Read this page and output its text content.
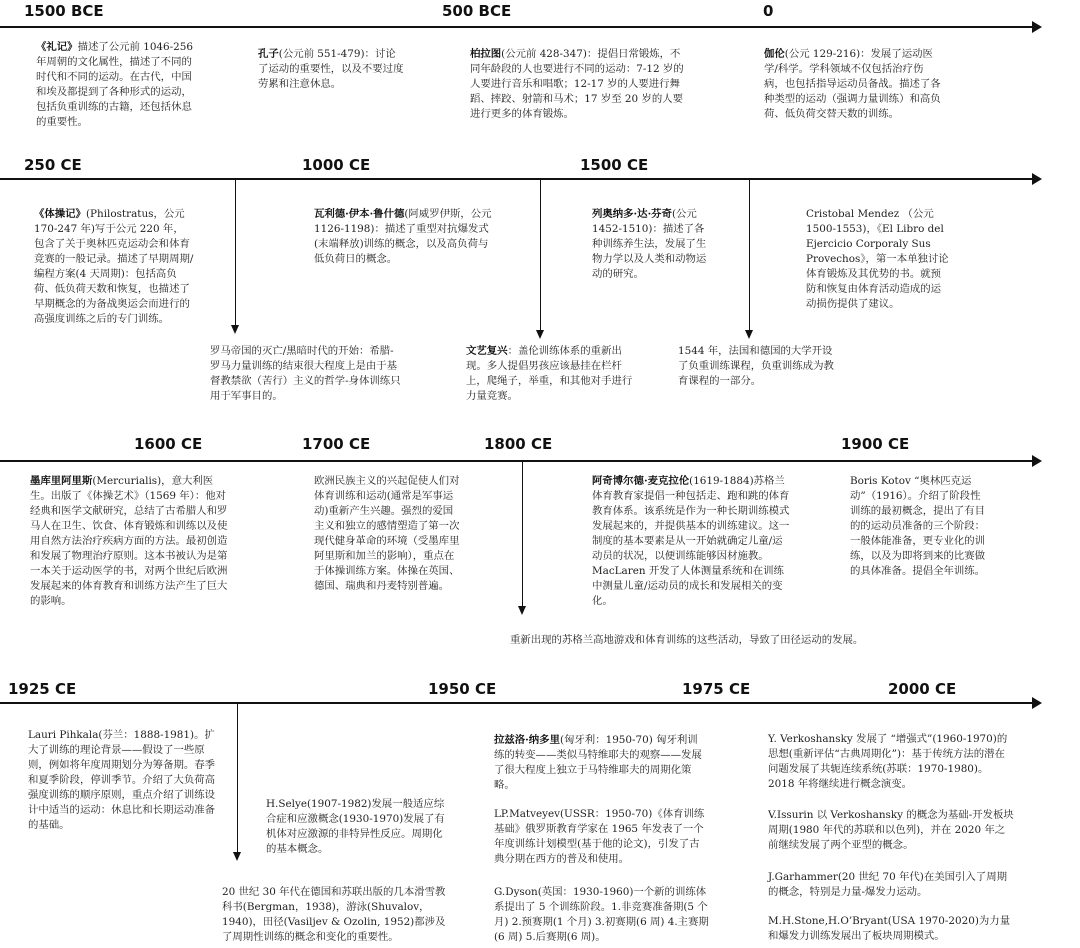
1500 BCE	500 BCE	0
《礼记》描述了公元前 1046-256 年周朝的文化属性，描述了不同的时代和不同的运动。在古代，中国和埃及都提到了各种形式的运动，包括负重训练的古籍，还包括休息的重要性。
孔子(公元前 551-479)：讨论了运动的重要性，以及不要过度劳累和注意休息。
柏拉图(公元前 428-347)：提倡日常锻炼，不同年龄段的人也要进行不同的运动：7-12 岁的人要进行音乐和唱歌；12-17 岁的人要进行舞蹈、摔跤、射箭和马术；17 岁至 20 岁的人要进行更多的体育锻炼。
伽伦(公元 129-216)：发展了运动医学/科学。学科领域不仅包括治疗伤病，也包括指导运动员备战。描述了各种类型的运动（强调力量训练）和高负荷、低负荷交替天数的训练。
250 CE	1000 CE	1500 CE
《体操记》(Philostratus，公元 170-247 年)写于公元 220 年，包含了关于奥林匹克运动会和体育竞赛的一般记录。描述了早期周期/编程方案(4 天周期)：包括高负荷、低负荷天数和恢复，也描述了早期概念的为备战奥运会而进行的高强度训练之后的专门训练。
罗马帝国的灭亡/黑暗时代的开始：希腊-罗马力量训练的结束很大程度上是由于基督教禁欲（苦行）主义的哲学-身体训练只用于军事目的。
瓦利德·伊本·鲁什德(阿威罗伊斯，公元 1126-1198)：描述了重型对抗爆发式(末端释放)训练的概念，以及高负荷与低负荷日的概念。
文艺复兴：盖伦训练体系的重新出现。多人提倡男孩应该悬挂在栏杆上，爬绳子，举重，和其他对手进行力量竞赛。
列奥纳多·达·芬奇(公元 1452-1510)：描述了各种训练养生法，发展了生物力学以及人类和动物运动的研究。
1544 年，法国和德国的大学开设了负重训练课程，负重训练成为教育课程的一部分。
Cristobal Mendez （公元 1500-1553)，《El Libro del Ejercicio Corporaly Sus Provechos》，第一本单独讨论体育锻炼及其优势的书。就预防和恢复由体育活动造成的运动损伤提供了建议。
1600 CE	1700 CE	1800 CE	1900 CE
墨库里阿里斯(Mercurialis)，意大利医生。出版了《体操艺术》（1569 年）：他对经典和医学文献研究，总结了古希腊人和罗马人在卫生、饮食、体育锻炼和训练以及使用自然方法治疗疾病方面的方法。最初创造和发展了物理治疗原则。这本书被认为是第一本关于运动医学的书，对两个世纪后欧洲发展起来的体育教育和训练方法产生了巨大的影响。
欧洲民族主义的兴起促使人们对体育训练和运动(通常是军事运动)重新产生兴趣。强烈的爱国主义和独立的感情塑造了第一次现代健身革命的环境（受墨库里阿里斯和加兰的影响），重点在于体操训练方案。体操在英国、德国、瑞典和丹麦特别普遍。
阿奇博尔德·麦克拉伦(1619-1884)苏格兰体育教育家提倡一种包括走、跑和跳的体育教育体系。该系统是作为一种长期训练模式发展起来的，并提供基本的训练建议。这一制度的基本要素是从一开始就确定儿童/运动员的状况，以便训练能够因材施教。MacLaren 开发了人体测量系统和在训练中测量儿童/运动员的成长和发展相关的变化。
Boris Kotov “奥林匹克运动”（1916）。介绍了阶段性训练的最初概念，提出了有目的的运动员准备的三个阶段：一般体能准备，更专业化的训练，以及为即将到来的比赛做的具体准备。提倡全年训练。
重新出现的苏格兰高地游戏和体育训练的这些活动，导致了田径运动的发展。
1925 CE	1950 CE	1975 CE	2000 CE
Lauri Pihkala(芬兰：1888-1981)。扩大了训练的理论背景——假设了一些原则，例如将年度周期划分为筹备期。春季和夏季阶段，停训季节。介绍了大负荷高强度训练的顺序原则，重点介绍了训练设计中适当的运动：休息比和长期运动准备的基础。
20 世纪 30 年代在德国和苏联出版的几本滑雪教科书(Bergman，1938)，游泳(Shuvalov，1940)，田径(Vasiljev & Ozolin, 1952)都涉及了周期性训练的概念和变化的重要性。
H.Selye(1907-1982)发展一般适应综合症和应激概念(1930-1970)发展了有机体对应激源的非特异性反应。周期化的基本概念。
拉兹洛·纳多里(匈牙利：1950-70) 匈牙利训练的转变——类似马特维耶夫的观察——发展了很大程度上独立于马特维耶夫的周期化策略。
LP.Matveyev(USSR：1950-70)《体育训练基础》俄罗斯教育学家在 1965 年发表了一个年度训练计划模型(基于他的论文)，引发了古典分期在西方的普及和使用。
G.Dyson(英国：1930-1960)一个新的训练体系提出了 5 个训练阶段。1.非竞赛准备期(5 个月) 2.预赛期(1 个月) 3.初赛期(6 周) 4.主赛期(6 周) 5.后赛期(6 周)。
Y. Verkoshansky 发展了 “增强式”(1960-1970)的思想(重新评估“古典周期化”)：基于传统方法的潜在问题发展了共轭连续系统(苏联：1970-1980)。2018 年将继续进行概念演变。
V.Issurin 以 Verkoshansky 的概念为基础-开发板块周期(1980 年代的苏联和以色列)，并在 2020 年之前继续发展了两个亚型的概念。
J.Garhammer(20 世纪 70 年代)在美国引入了周期的概念，特别是力量-爆发力运动。
M.H.Stone,H.O’Bryant(USA 1970-2020)为力量和爆发力训练发展出了板块周期模式。
